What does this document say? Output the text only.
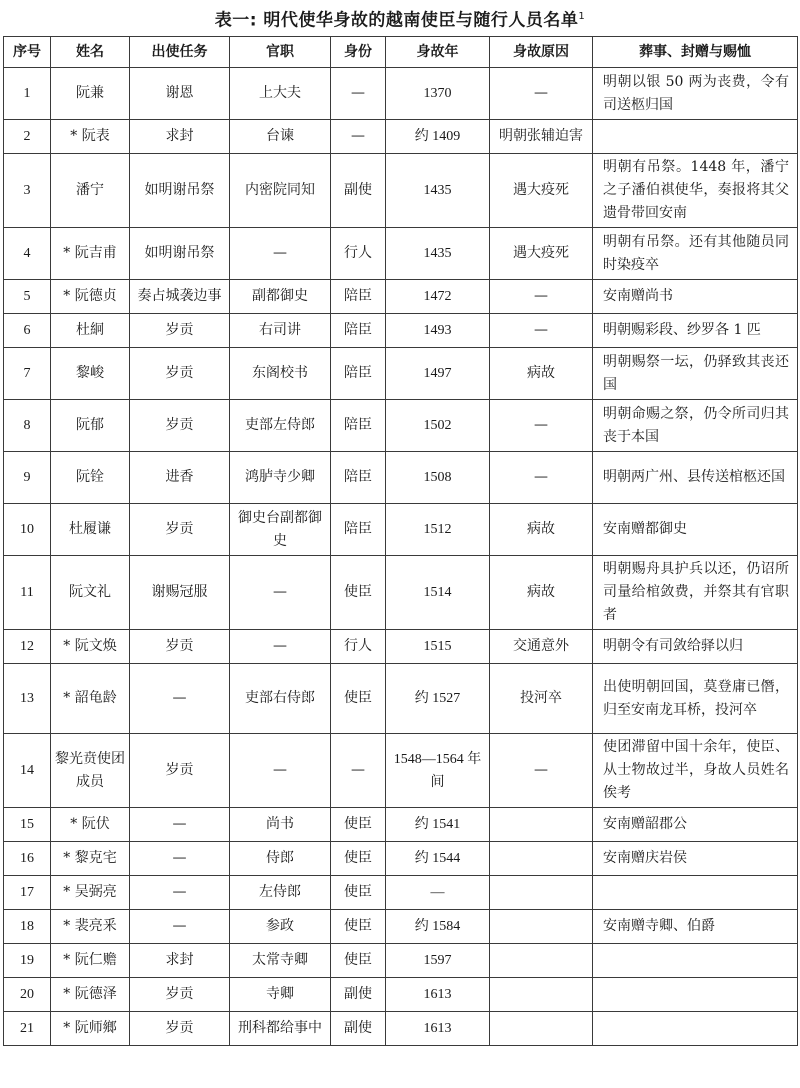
表一: 明代使华身故的越南使臣与随行人员名单$^1$
序号	姓名	出使任务	官职	身份	身故年	身故原因	葬事、封赠与赐恤
1	阮兼	谢恩	上大夫	—	1370	—	明朝以银 50 两为丧费，令有司送柩归国
2	* 阮表	求封	台谏	—	约 1409	明朝张辅迫害	
3	潘宁	如明谢吊祭	内密院同知	副使	1435	遇大疫死	明朝有吊祭。1448 年，潘宁之子潘伯祺使华，奏报将其父遗骨带回安南
4	* 阮吉甫	如明谢吊祭	—	行人	1435	遇大疫死	明朝有吊祭。还有其他随员同时染疫卒
5	* 阮德贞	奏占城袭边事	副都御史	陪臣	1472	—	安南赠尚书
6	杜絅	岁贡	右司讲	陪臣	1493	—	明朝赐彩段、纱罗各 1 匹
7	黎峻	岁贡	东阁校书	陪臣	1497	病故	明朝赐祭一坛，仍驿致其丧还国
8	阮郁	岁贡	吏部左侍郎	陪臣	1502	—	明朝命赐之祭，仍令所司归其丧于本国
9	阮铨	进香	鸿胪寺少卿	陪臣	1508	—	明朝两广州、县传送棺柩还国
10	杜履谦	岁贡	御史台副都御史	陪臣	1512	病故	安南赠都御史
11	阮文礼	谢赐冠服	—	使臣	1514	病故	明朝赐舟具护兵以还，仍诏所司量给棺敛费，并祭其有官职者
12	* 阮文焕	岁贡	—	行人	1515	交通意外	明朝令有司敛给驿以归
13	* 韶龟龄	—	吏部右侍郎	使臣	约 1527	投河卒	出使明朝回国，莫登庸已僭，归至安南龙耳桥，投河卒
14	黎光贲使团成员	岁贡	—	—	1548—1564 年间	—	使团滞留中国十余年，使臣、从士物故过半，身故人员姓名俟考
15	* 阮伏	—	尚书	使臣	约 1541		安南赠韶郡公
16	* 黎克宅	—	侍郎	使臣	约 1544		安南赠庆岩侯
17	* 吴弼亮	—	左侍郎	使臣	—		
18	* 裴亮釆	—	参政	使臣	约 1584		安南赠寺卿、伯爵
19	* 阮仁赡	求封	太常寺卿	使臣	1597		
20	* 阮德泽	岁贡	寺卿	副使	1613		
21	* 阮师鄉	岁贡	刑科都给事中	副使	1613		
